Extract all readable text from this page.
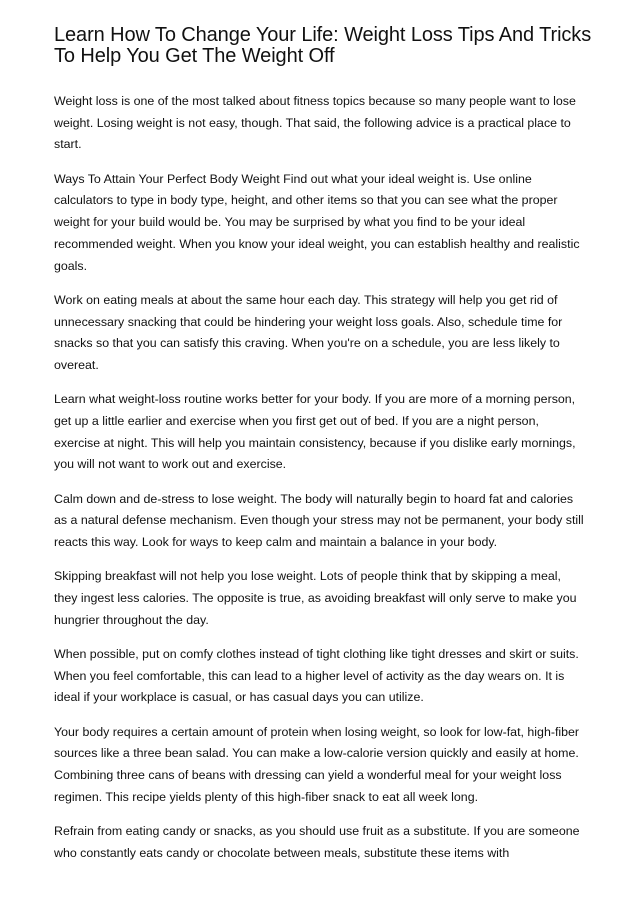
Learn How To Change Your Life: Weight Loss Tips And Tricks To Help You Get The Weight Off

Weight loss is one of the most talked about fitness topics because so many people want to lose weight. Losing weight is not easy, though. That said, the following advice is a practical place to start.

Ways To Attain Your Perfect Body Weight Find out what your ideal weight is. Use online calculators to type in body type, height, and other items so that you can see what the proper weight for your build would be. You may be surprised by what you find to be your ideal recommended weight. When you know your ideal weight, you can establish healthy and realistic goals.

Work on eating meals at about the same hour each day. This strategy will help you get rid of unnecessary snacking that could be hindering your weight loss goals. Also, schedule time for snacks so that you can satisfy this craving. When you're on a schedule, you are less likely to overeat.

Learn what weight-loss routine works better for your body. If you are more of a morning person, get up a little earlier and exercise when you first get out of bed. If you are a night person, exercise at night. This will help you maintain consistency, because if you dislike early mornings, you will not want to work out and exercise.

Calm down and de-stress to lose weight. The body will naturally begin to hoard fat and calories as a natural defense mechanism. Even though your stress may not be permanent, your body still reacts this way. Look for ways to keep calm and maintain a balance in your body.

Skipping breakfast will not help you lose weight. Lots of people think that by skipping a meal, they ingest less calories. The opposite is true, as avoiding breakfast will only serve to make you hungrier throughout the day.

When possible, put on comfy clothes instead of tight clothing like tight dresses and skirt or suits. When you feel comfortable, this can lead to a higher level of activity as the day wears on. It is ideal if your workplace is casual, or has casual days you can utilize.

Your body requires a certain amount of protein when losing weight, so look for low-fat, high-fiber sources like a three bean salad. You can make a low-calorie version quickly and easily at home. Combining three cans of beans with dressing can yield a wonderful meal for your weight loss regimen. This recipe yields plenty of this high-fiber snack to eat all week long.

Refrain from eating candy or snacks, as you should use fruit as a substitute. If you are someone who constantly eats candy or chocolate between meals, substitute these items with
